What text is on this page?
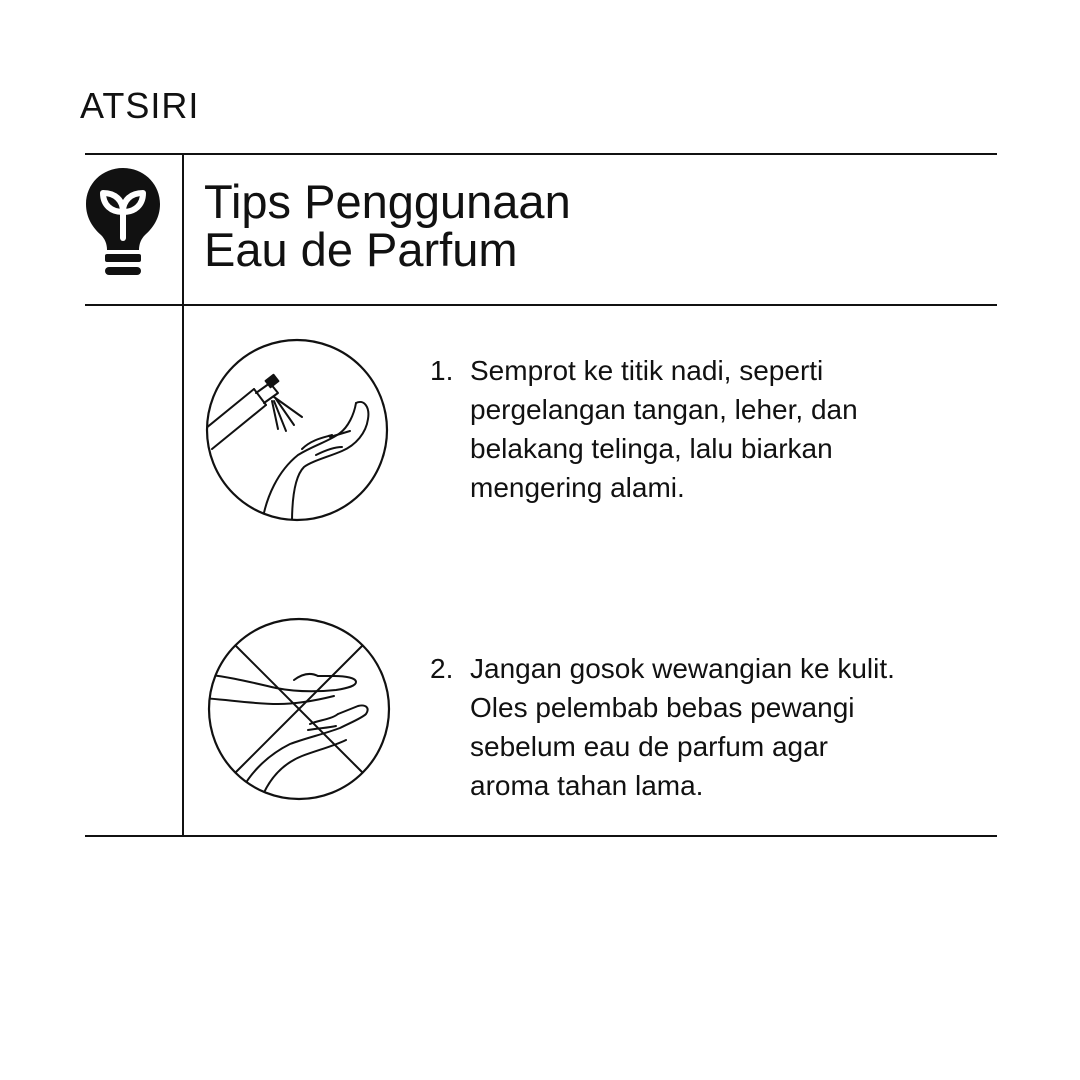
ATSIRI
Tips Penggunaan
Eau de Parfum
1. Semprot ke titik nadi, seperti
pergelangan tangan, leher, dan
belakang telinga, lalu biarkan
mengering alami.
2. Jangan gosok wewangian ke kulit.
Oles pelembab bebas pewangi
sebelum eau de parfum agar
aroma tahan lama.
